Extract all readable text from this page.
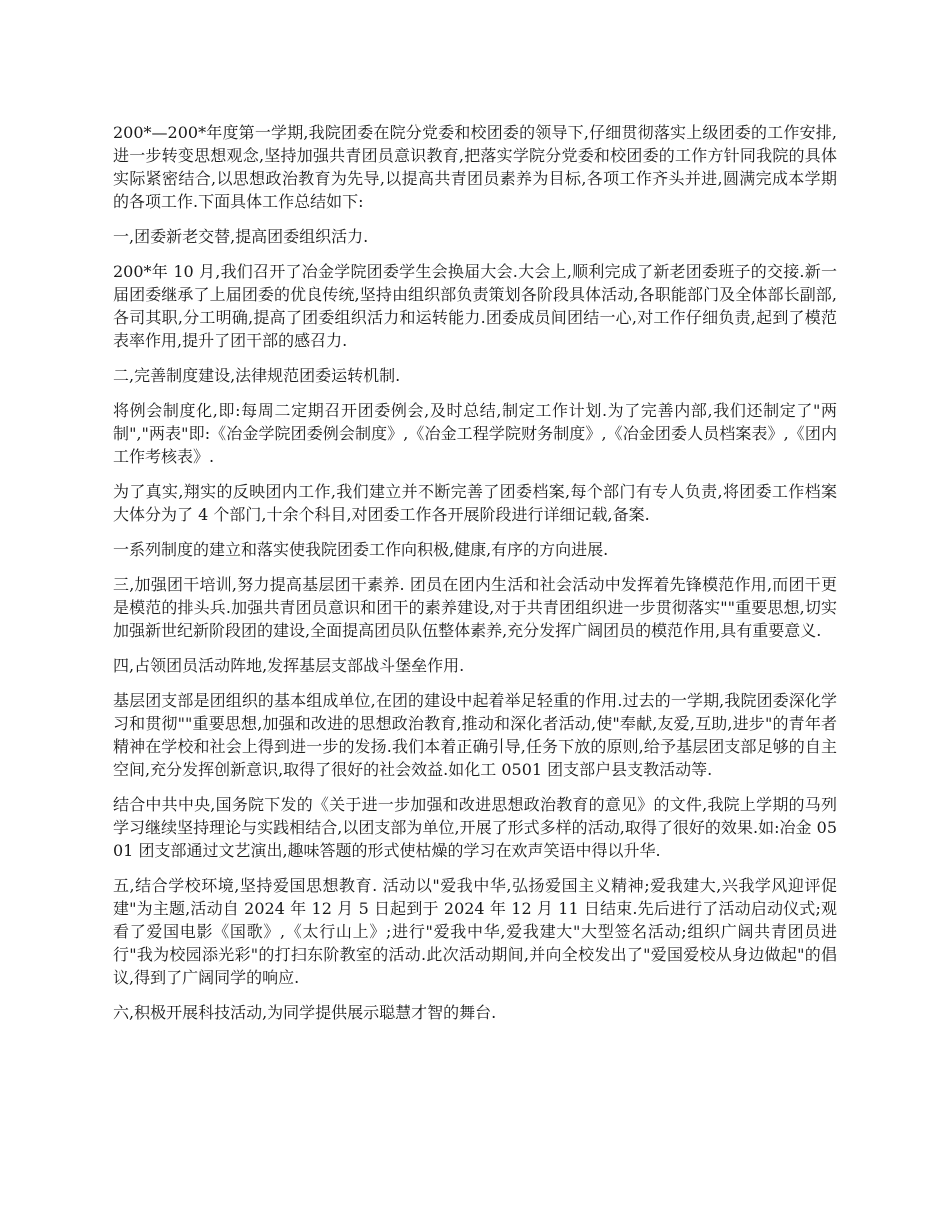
200*—200*年度第一学期,我院团委在院分党委和校团委的领导下,仔细贯彻落实上级团委的工作安排,进一步转变思想观念,坚持加强共青团员意识教育,把落实学院分党委和校团委的工作方针同我院的具体实际紧密结合,以思想政治教育为先导,以提高共青团员素养为目标,各项工作齐头并进,圆满完成本学期的各项工作.下面具体工作总结如下:

一,团委新老交替,提高团委组织活力.

200*年 10 月,我们召开了冶金学院团委学生会换届大会.大会上,顺利完成了新老团委班子的交接.新一届团委继承了上届团委的优良传统,坚持由组织部负责策划各阶段具体活动,各职能部门及全体部长副部,各司其职,分工明确,提高了团委组织活力和运转能力.团委成员间团结一心,对工作仔细负责,起到了模范表率作用,提升了团干部的感召力.

二,完善制度建设,法律规范团委运转机制.

将例会制度化,即:每周二定期召开团委例会,及时总结,制定工作计划.为了完善内部,我们还制定了"两制","两表"即:《冶金学院团委例会制度》,《冶金工程学院财务制度》,《冶金团委人员档案表》,《团内工作考核表》.

为了真实,翔实的反映团内工作,我们建立并不断完善了团委档案,每个部门有专人负责,将团委工作档案大体分为了 4 个部门,十余个科目,对团委工作各开展阶段进行详细记载,备案.

一系列制度的建立和落实使我院团委工作向积极,健康,有序的方向进展.

三,加强团干培训,努力提高基层团干素养. 团员在团内生活和社会活动中发挥着先锋模范作用,而团干更是模范的排头兵.加强共青团员意识和团干的素养建设,对于共青团组织进一步贯彻落实""重要思想,切实加强新世纪新阶段团的建设,全面提高团员队伍整体素养,充分发挥广阔团员的模范作用,具有重要意义.

四,占领团员活动阵地,发挥基层支部战斗堡垒作用.

基层团支部是团组织的基本组成单位,在团的建设中起着举足轻重的作用.过去的一学期,我院团委深化学习和贯彻""重要思想,加强和改进的思想政治教育,推动和深化者活动,使"奉献,友爱,互助,进步"的青年者精神在学校和社会上得到进一步的发扬.我们本着正确引导,任务下放的原则,给予基层团支部足够的自主空间,充分发挥创新意识,取得了很好的社会效益.如化工 0501 团支部户县支教活动等.

结合中共中央,国务院下发的《关于进一步加强和改进思想政治教育的意见》的文件,我院上学期的马列学习继续坚持理论与实践相结合,以团支部为单位,开展了形式多样的活动,取得了很好的效果.如:冶金 0501 团支部通过文艺演出,趣味答题的形式使枯燥的学习在欢声笑语中得以升华.

五,结合学校环境,坚持爱国思想教育. 活动以"爱我中华,弘扬爱国主义精神;爱我建大,兴我学风迎评促建"为主题,活动自 2024 年 12 月 5 日起到于 2024 年 12 月 11 日结束.先后进行了活动启动仪式;观看了爱国电影《国歌》,《太行山上》;进行"爱我中华,爱我建大"大型签名活动;组织广阔共青团员进行"我为校园添光彩"的打扫东阶教室的活动.此次活动期间,并向全校发出了"爱国爱校从身边做起"的倡议,得到了广阔同学的响应.

六,积极开展科技活动,为同学提供展示聪慧才智的舞台.
